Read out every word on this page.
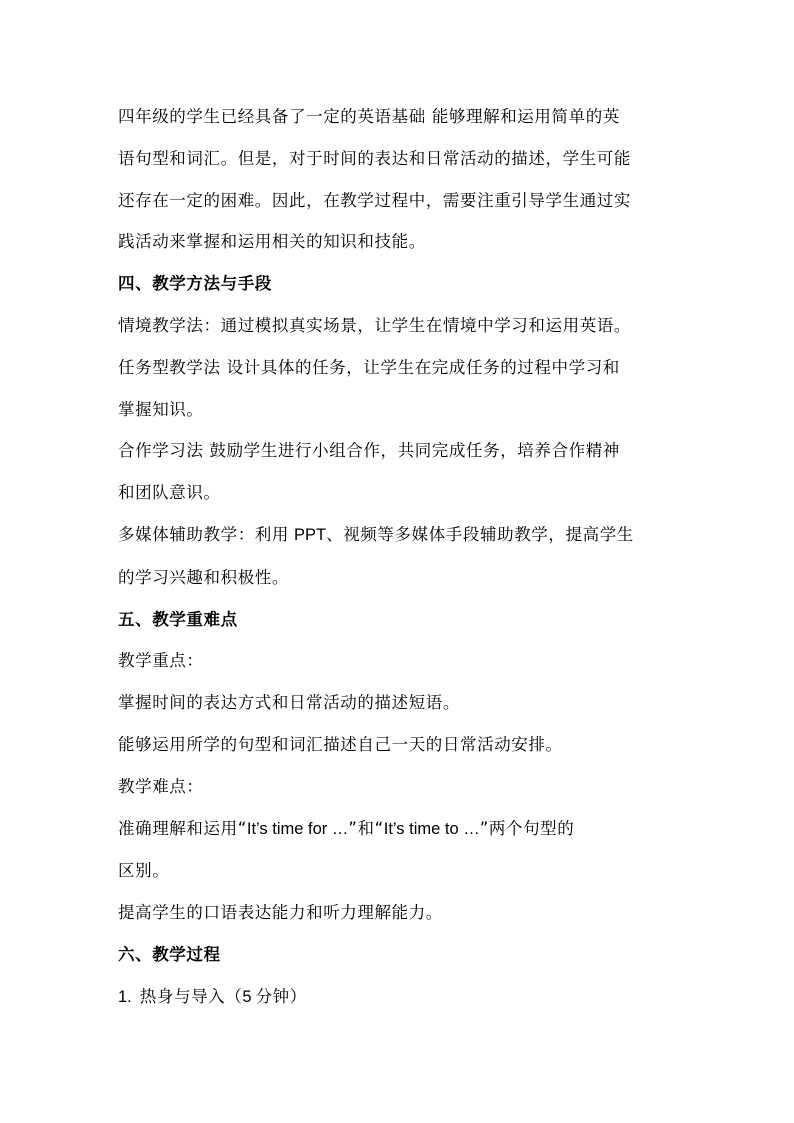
四年级的学生已经具备了一定的英语基础 能够理解和运用简单的英
语句型和词汇。但是，对于时间的表达和日常活动的描述，学生可能
还存在一定的困难。因此，在教学过程中，需要注重引导学生通过实
践活动来掌握和运用相关的知识和技能。
四、教学方法与手段
情境教学法：通过模拟真实场景，让学生在情境中学习和运用英语。
任务型教学法 设计具体的任务，让学生在完成任务的过程中学习和
掌握知识。
合作学习法 鼓励学生进行小组合作，共同完成任务，培养合作精神
和团队意识。
多媒体辅助教学：利用 PPT、视频等多媒体手段辅助教学，提高学生
的学习兴趣和积极性。
五、教学重难点
教学重点：
掌握时间的表达方式和日常活动的描述短语。
能够运用所学的句型和词汇描述自己一天的日常活动安排。
教学难点：
准确理解和运用“It’s time for …”和“It’s time to …”两个句型的
区别。
提高学生的口语表达能力和听力理解能力。
六、教学过程
1. 热身与导入（5 分钟）
